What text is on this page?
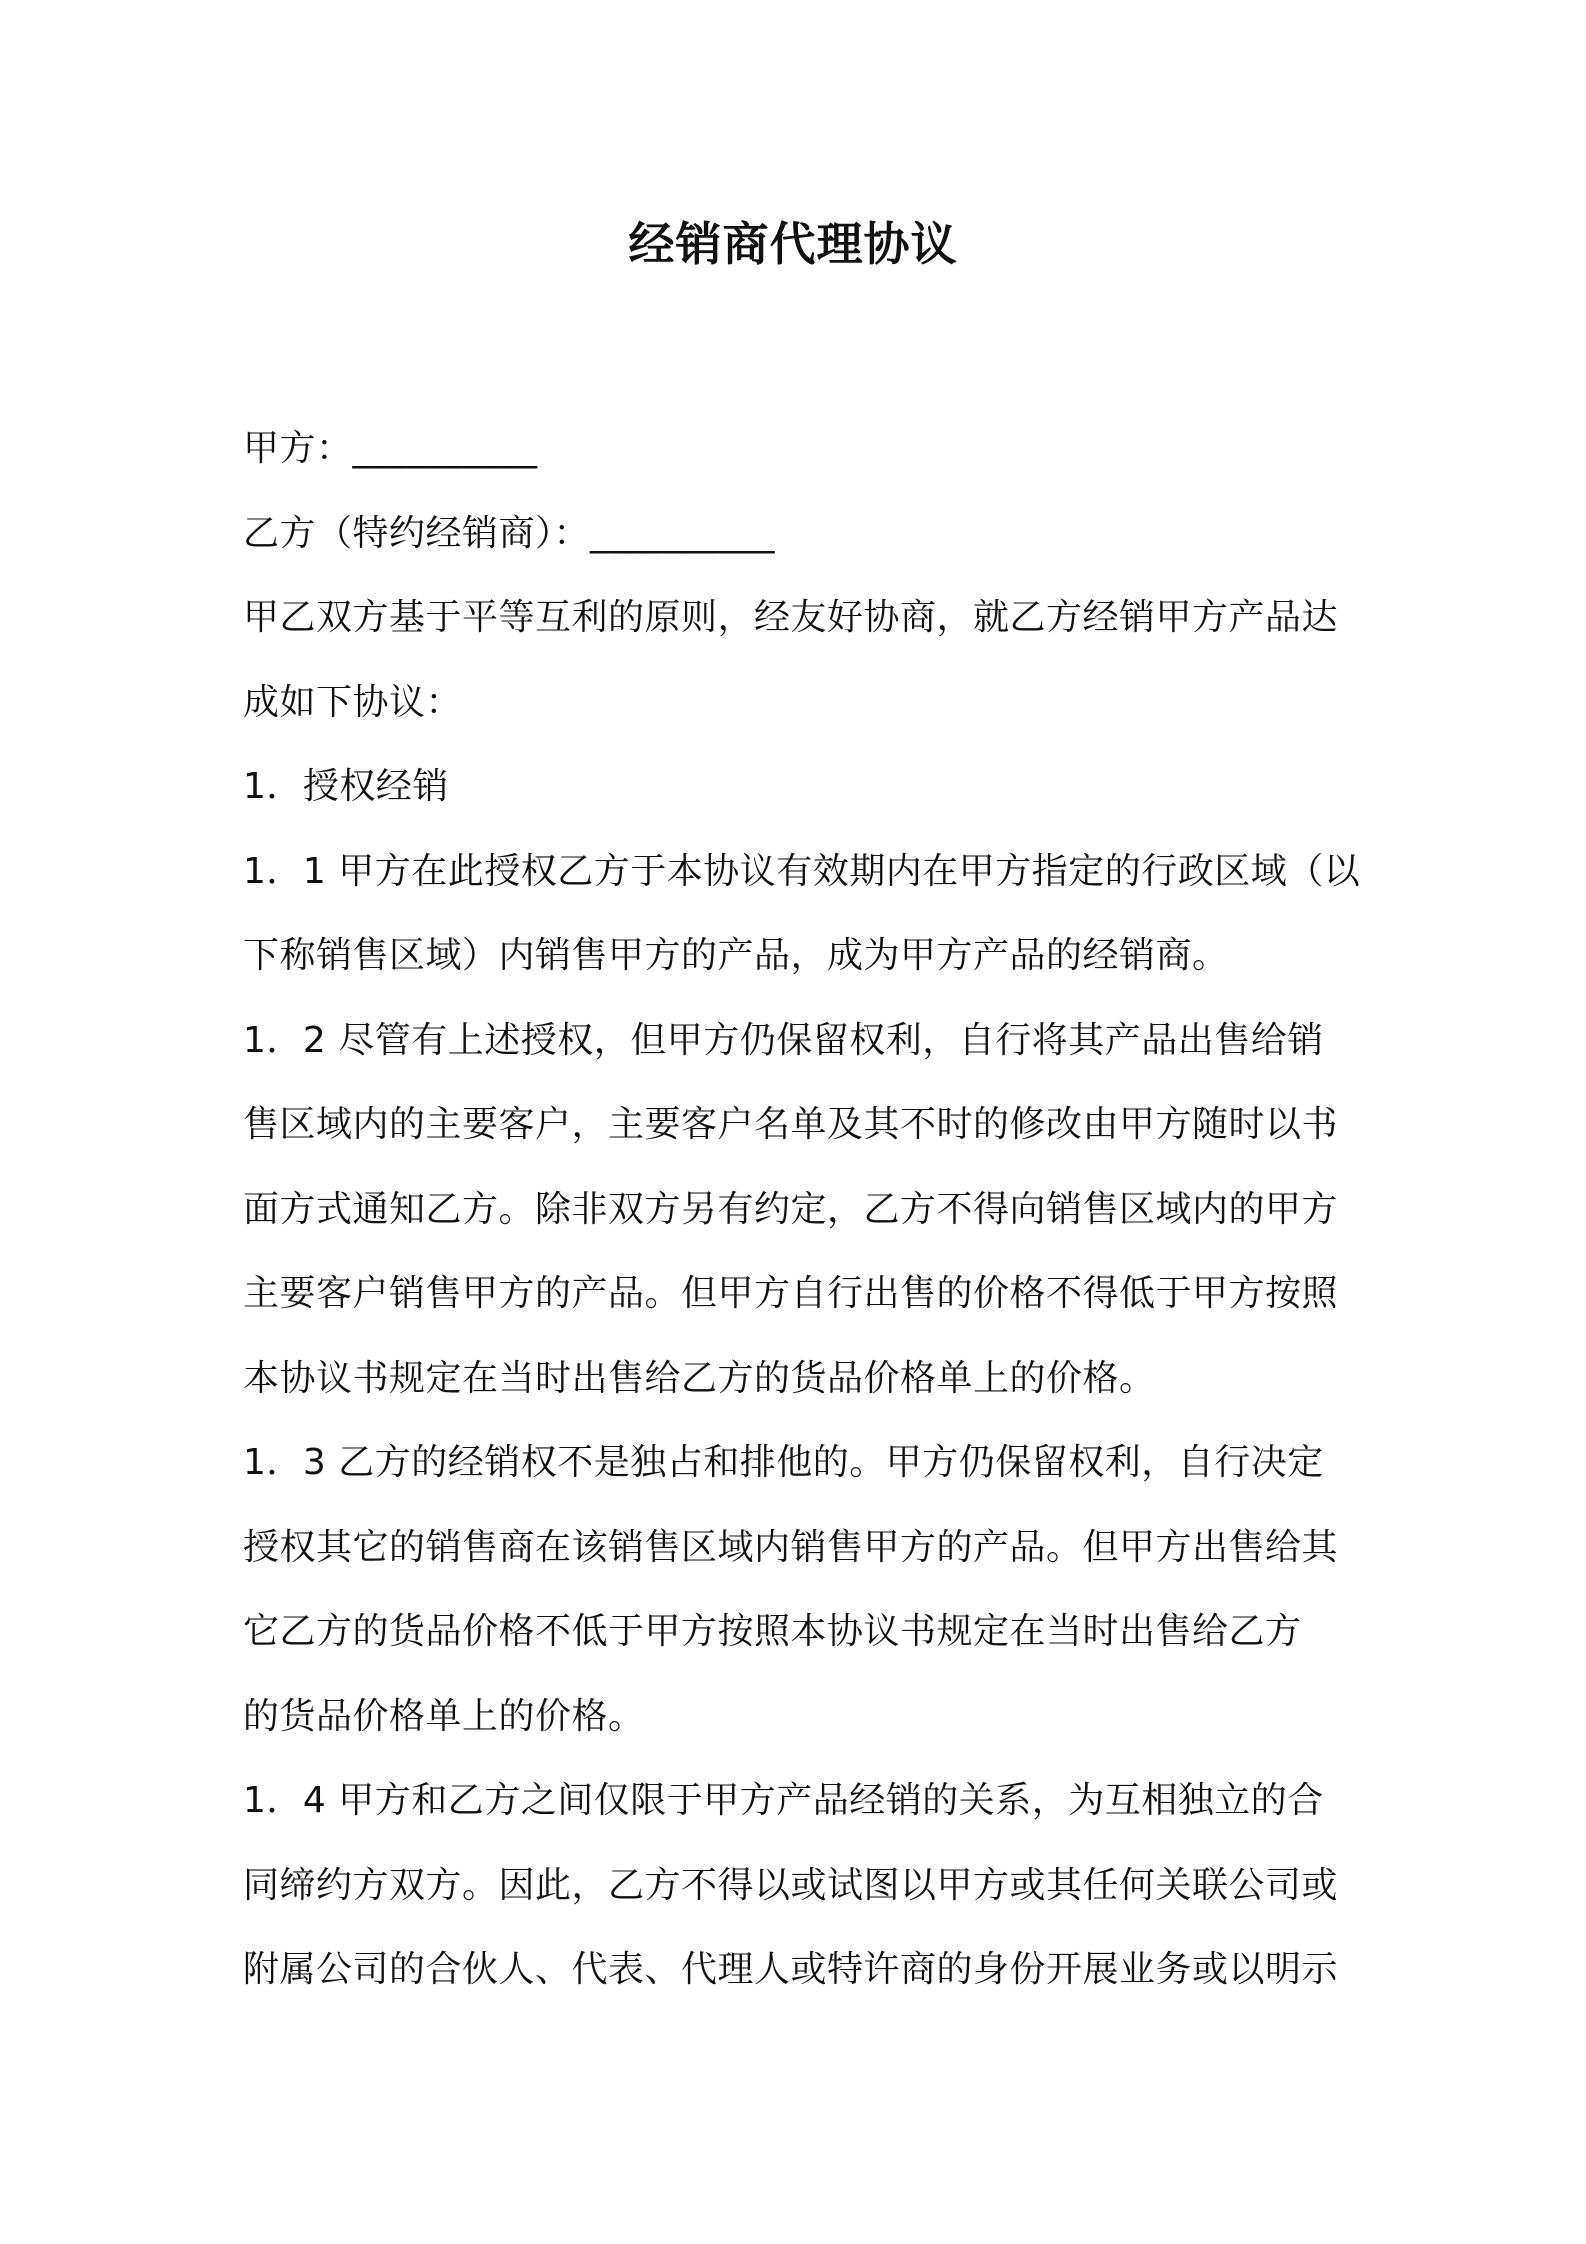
经销商代理协议

甲方：__________

乙方（特约经销商）：__________

甲乙双方基于平等互利的原则，经友好协商，就乙方经销甲方产品达

成如下协议：

1．授权经销

1．1 甲方在此授权乙方于本协议有效期内在甲方指定的行政区域（以

下称销售区域）内销售甲方的产品，成为甲方产品的经销商。

1．2 尽管有上述授权，但甲方仍保留权利，自行将其产品出售给销

售区域内的主要客户，主要客户名单及其不时的修改由甲方随时以书

面方式通知乙方。除非双方另有约定，乙方不得向销售区域内的甲方

主要客户销售甲方的产品。但甲方自行出售的价格不得低于甲方按照

本协议书规定在当时出售给乙方的货品价格单上的价格。

1．3 乙方的经销权不是独占和排他的。甲方仍保留权利，自行决定

授权其它的销售商在该销售区域内销售甲方的产品。但甲方出售给其

它乙方的货品价格不低于甲方按照本协议书规定在当时出售给乙方

的货品价格单上的价格。

1．4 甲方和乙方之间仅限于甲方产品经销的关系，为互相独立的合

同缔约方双方。因此，乙方不得以或试图以甲方或其任何关联公司或

附属公司的合伙人、代表、代理人或特许商的身份开展业务或以明示
